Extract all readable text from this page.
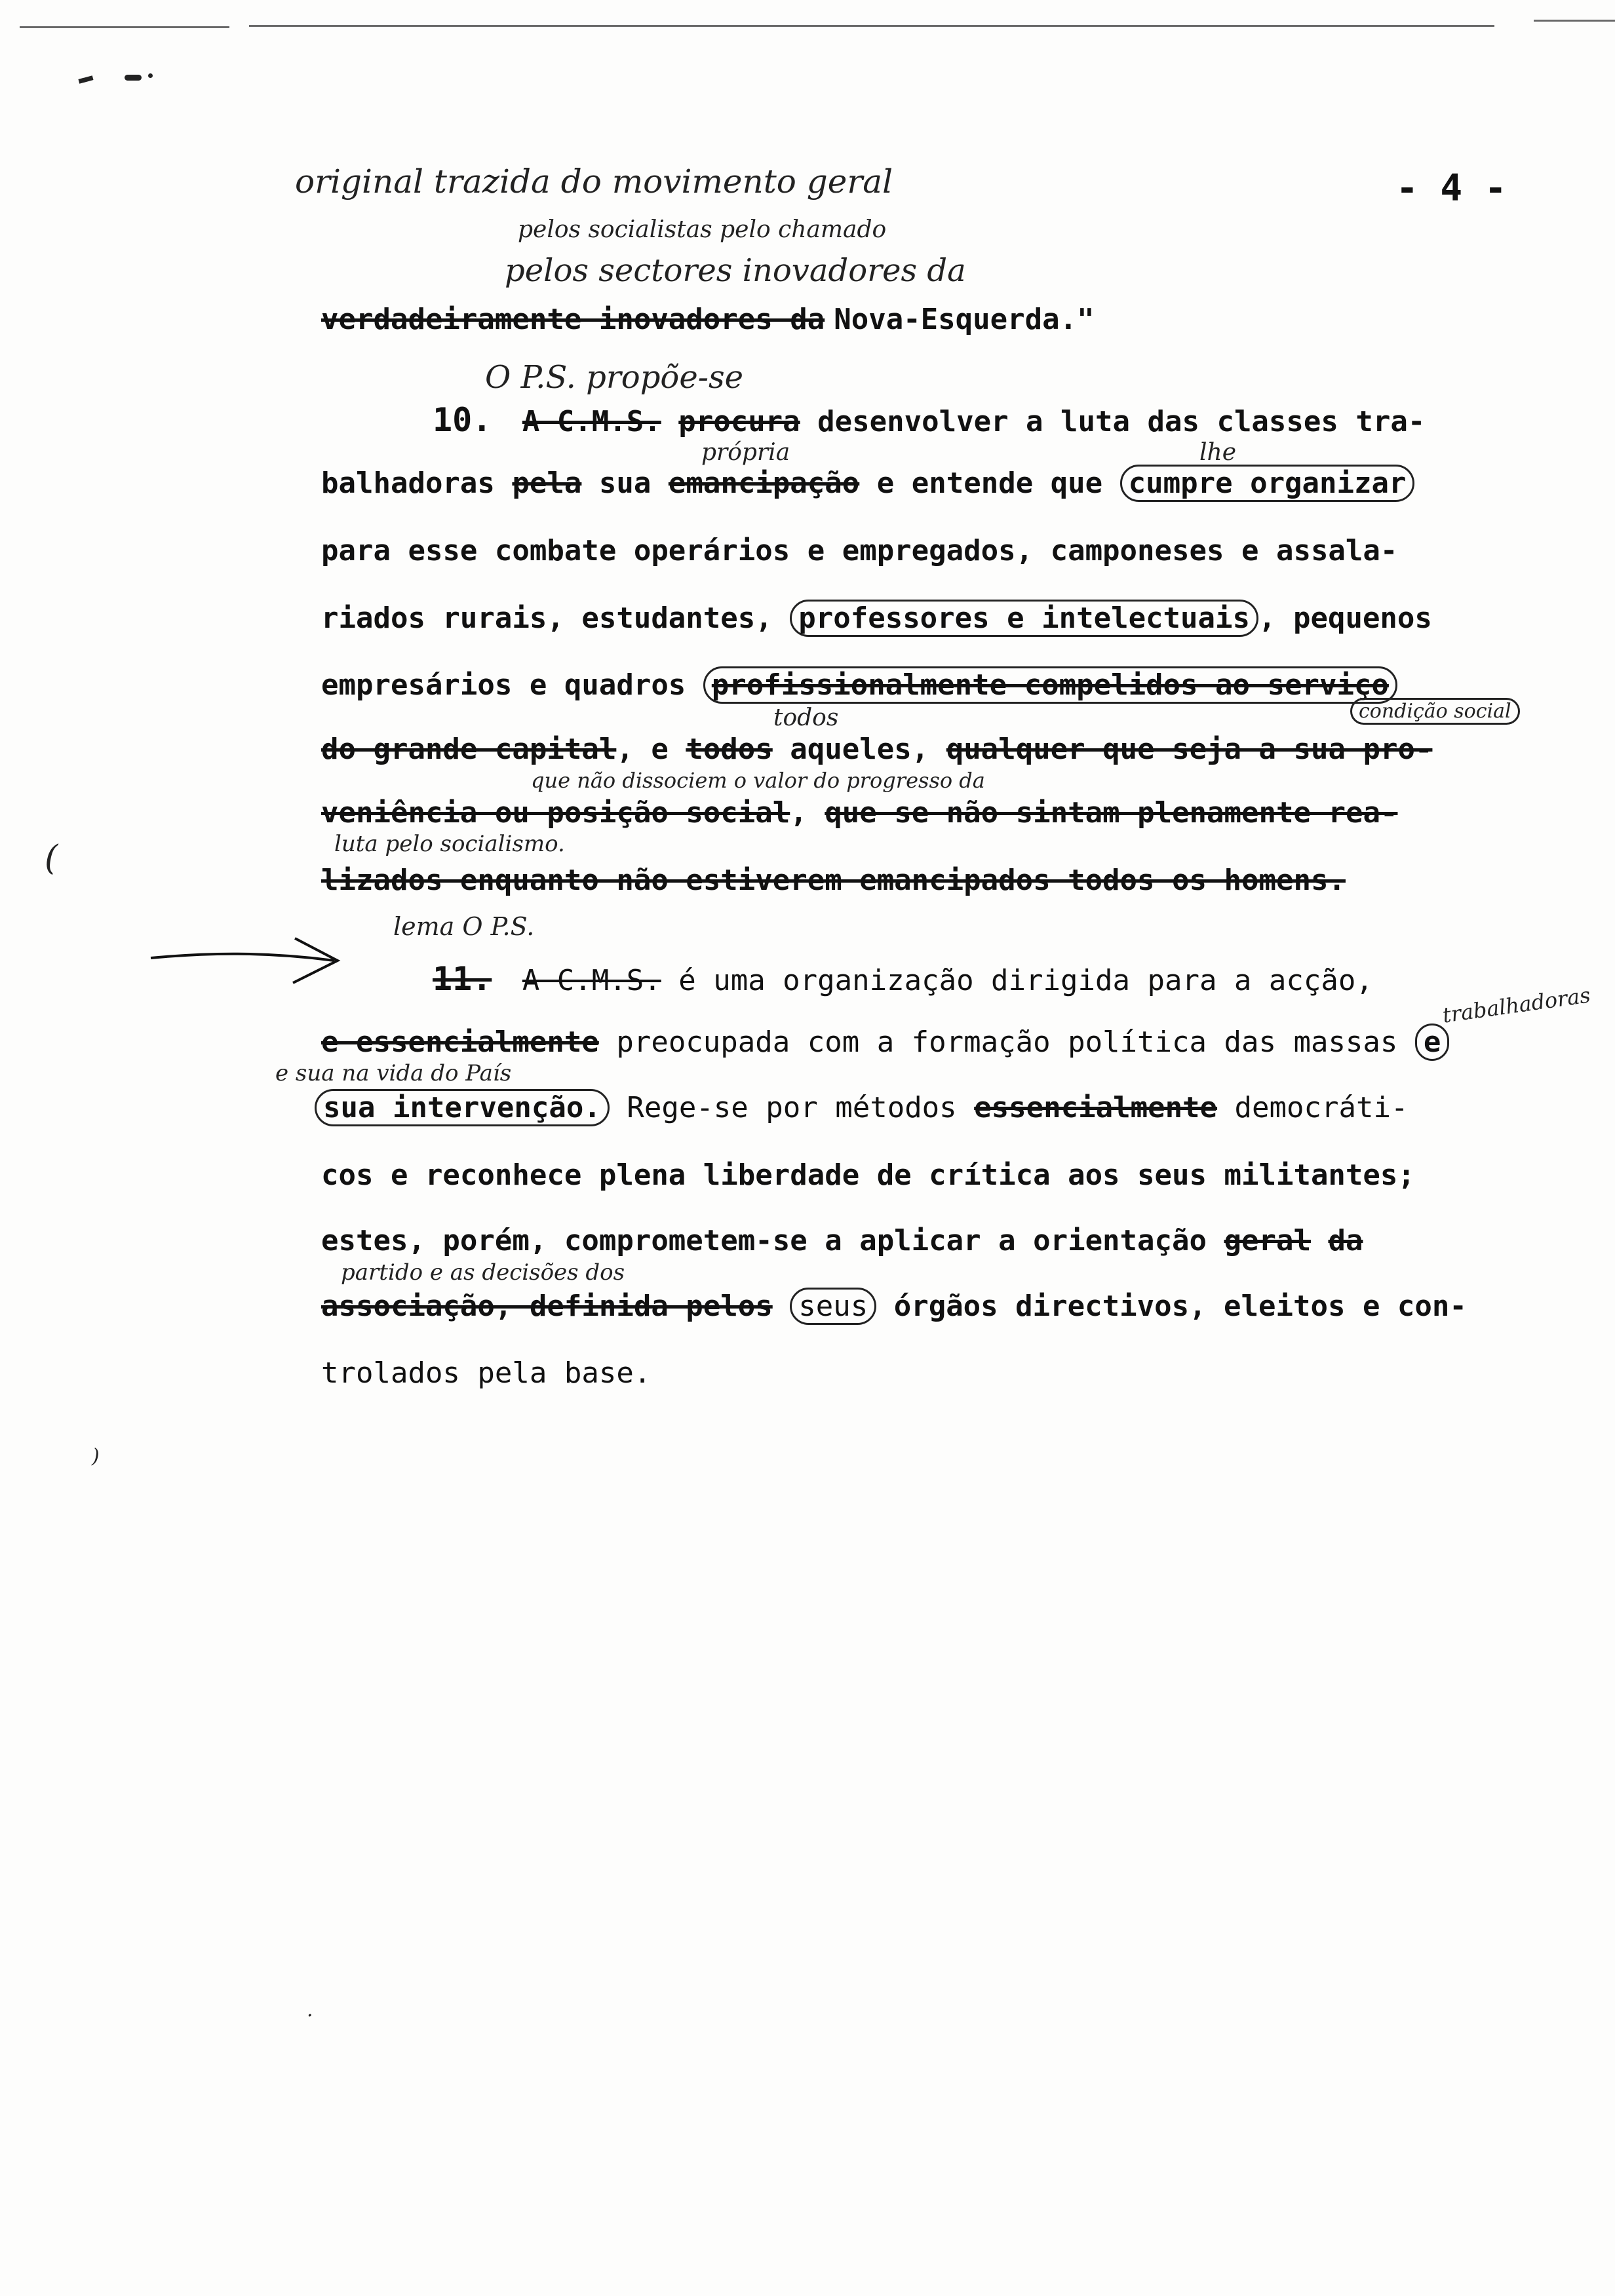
- 4 -
original trazida do movimento geral
pelos socialistas pelo chamado
pelos sectores inovadores da
verdadeiramente inovadores da Nova-Esquerda."
O P.S. propõe-se
10. A C.M.S. procura desenvolver a luta das classes tra-
própria	lhe
balhadoras pela sua emancipação e entende que cumpre organizar
para esse combate operários e empregados, camponeses e assala-
riados rurais, estudantes, professores e intelectuais , pequenos
empresários e quadros profissionalmente compelidos ao serviço
todos	condição social
do grande capital, e todos aqueles, qualquer que seja a sua pro-
que não dissociem o valor do progresso da
veniência ou posição social, que se não sintam plenamente rea-
luta pelo socialismo.
lizados enquanto não estiverem emancipados todos os homens.
lema O P.S.
(
11. A C.M.S. é uma organização dirigida para a acção,
trabalhadoras
e essencialmente preocupada com a formação política das massas e
e sua na vida do País
sua intervenção. Rege-se por métodos essencialmente democráti-
cos e reconhece plena liberdade de crítica aos seus militantes;
estes, porém, comprometem-se a aplicar a orientação geral da
partido e as decisões dos
associação, definida pelos seus órgãos directivos, eleitos e con-
trolados pela base.
)
.
